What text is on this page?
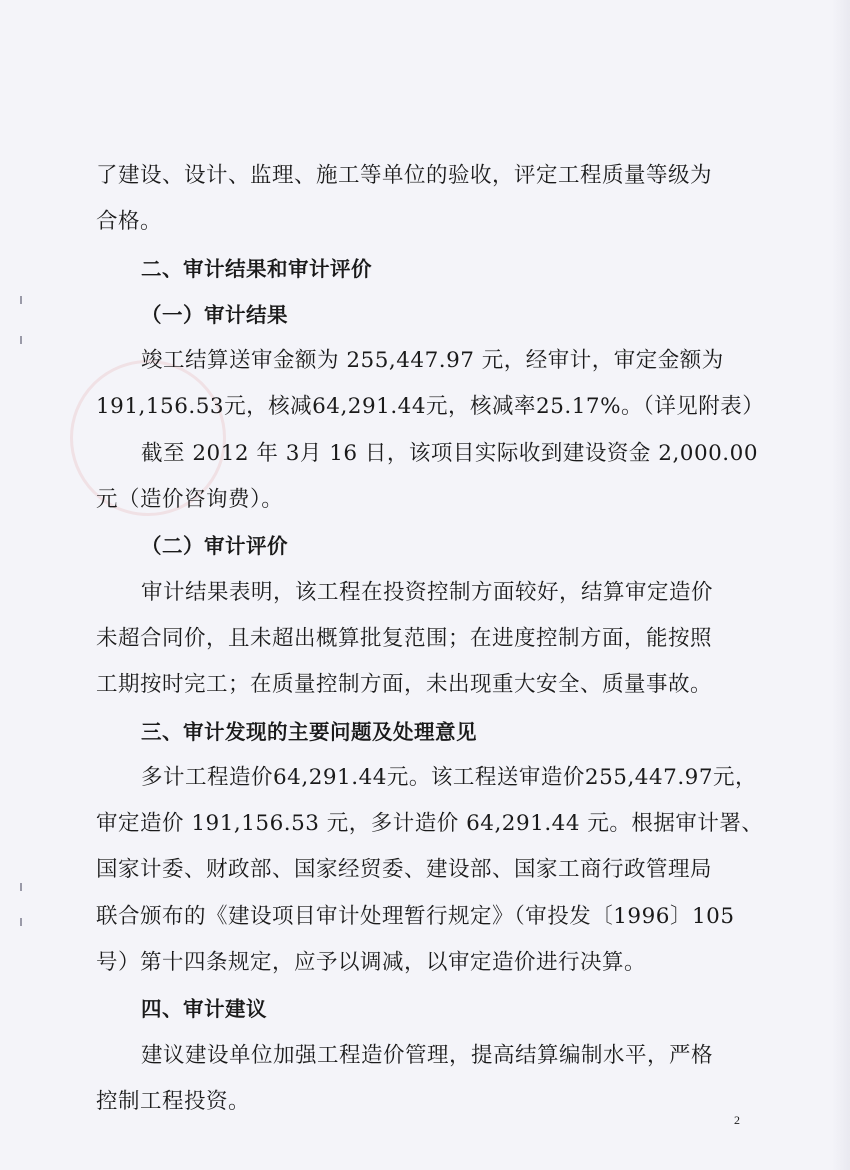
了建设、设计、监理、施工等单位的验收，评定工程质量等级为
合格。
二、审计结果和审计评价
（一）审计结果
竣工结算送审金额为 255,447.97 元，经审计，审定金额为
191,156.53元，核减64,291.44元，核减率25.17%。（详见附表）
截至 2012 年 3月 16 日，该项目实际收到建设资金 2,000.00
元（造价咨询费）。
（二）审计评价
审计结果表明，该工程在投资控制方面较好，结算审定造价
未超合同价，且未超出概算批复范围；在进度控制方面，能按照
工期按时完工；在质量控制方面，未出现重大安全、质量事故。
三、审计发现的主要问题及处理意见
多计工程造价64,291.44元。该工程送审造价255,447.97元，
审定造价 191,156.53 元，多计造价 64,291.44 元。根据审计署、
国家计委、财政部、国家经贸委、建设部、国家工商行政管理局
联合颁布的《建设项目审计处理暂行规定》（审投发〔1996〕105
号）第十四条规定，应予以调减，以审定造价进行决算。
四、审计建议
建议建设单位加强工程造价管理，提高结算编制水平，严格
控制工程投资。
2
